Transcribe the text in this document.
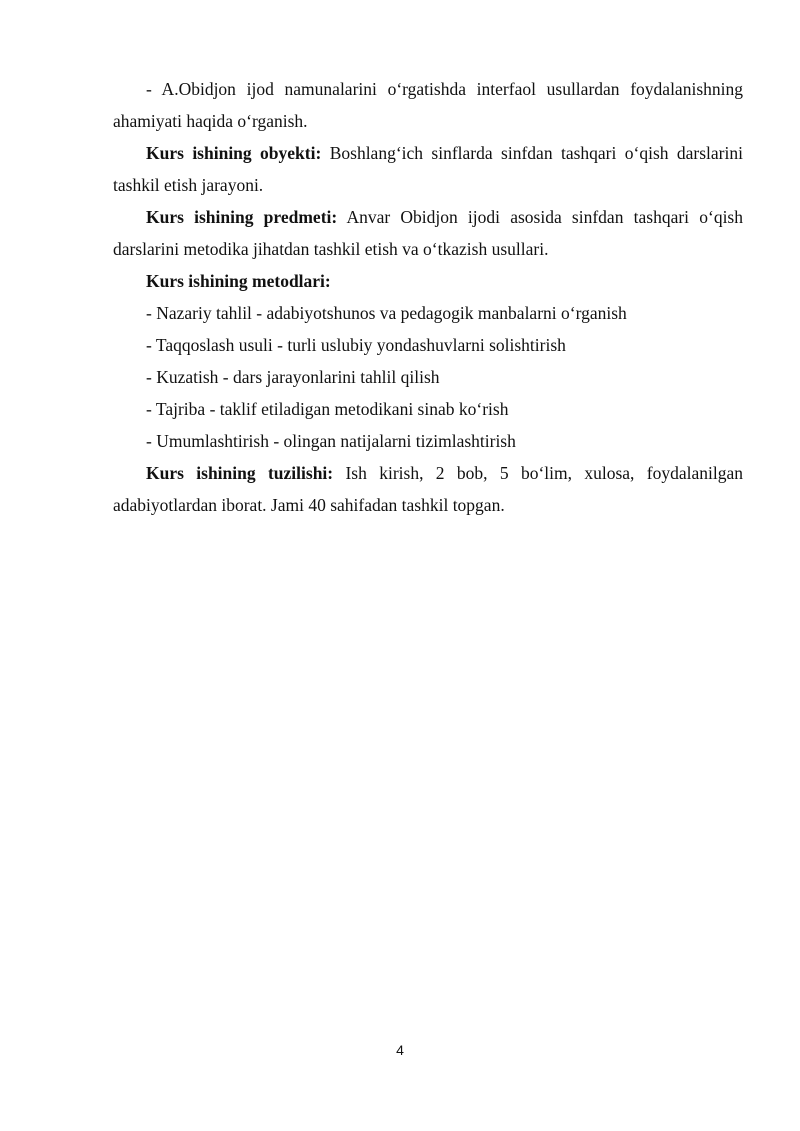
- A.Obidjon ijod namunalarini o‘rgatishda interfaol usullardan foydalanishning ahamiyati haqida o‘rganish.

Kurs ishining obyekti: Boshlang‘ich sinflarda sinfdan tashqari o‘qish darslarini tashkil etish jarayoni.

Kurs ishining predmeti: Anvar Obidjon ijodi asosida sinfdan tashqari o‘qish darslarini metodika jihatdan tashkil etish va o‘tkazish usullari.

Kurs ishining metodlari:

- Nazariy tahlil - adabiyotshunos va pedagogik manbalarni o‘rganish

- Taqqoslash usuli - turli uslubiy yondashuvlarni solishtirish

- Kuzatish - dars jarayonlarini tahlil qilish

- Tajriba - taklif etiladigan metodikani sinab ko‘rish

- Umumlashtirish - olingan natijalarni tizimlashtirish

Kurs ishining tuzilishi: Ish kirish, 2 bob, 5 bo‘lim, xulosa, foydalanilgan adabiyotlardan iborat. Jami 40 sahifadan tashkil topgan.

4
